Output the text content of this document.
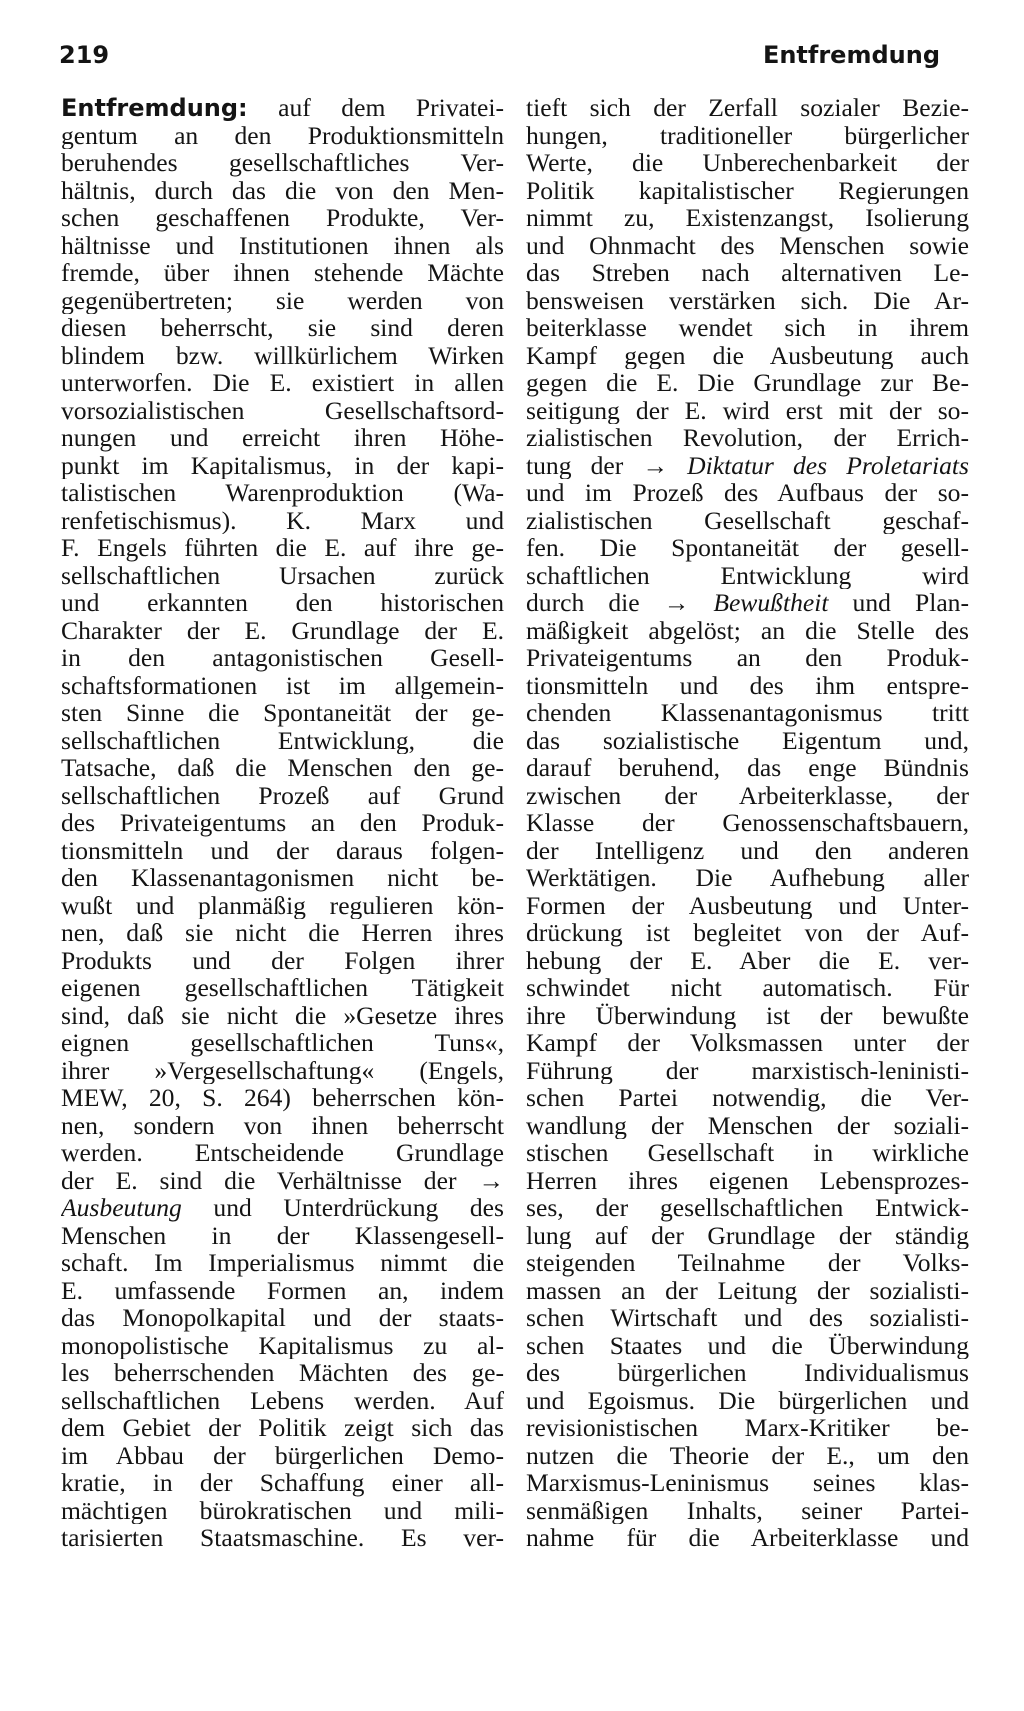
219	Entfremdung
Entfremdung: auf dem Privatei-
gentum an den Produktionsmitteln
beruhendes gesellschaftliches Ver-
hältnis, durch das die von den Men-
schen geschaffenen Produkte, Ver-
hältnisse und Institutionen ihnen als
fremde, über ihnen stehende Mächte
gegenübertreten; sie werden von
diesen beherrscht, sie sind deren
blindem bzw. willkürlichem Wirken
unterworfen. Die E. existiert in allen
vorsozialistischen Gesellschaftsord-
nungen und erreicht ihren Höhe-
punkt im Kapitalismus, in der kapi-
talistischen Warenproduktion (Wa-
renfetischismus). K. Marx und
F. Engels führten die E. auf ihre ge-
sellschaftlichen Ursachen zurück
und erkannten den historischen
Charakter der E. Grundlage der E.
in den antagonistischen Gesell-
schaftsformationen ist im allgemein-
sten Sinne die Spontaneität der ge-
sellschaftlichen Entwicklung, die
Tatsache, daß die Menschen den ge-
sellschaftlichen Prozeß auf Grund
des Privateigentums an den Produk-
tionsmitteln und der daraus folgen-
den Klassenantagonismen nicht be-
wußt und planmäßig regulieren kön-
nen, daß sie nicht die Herren ihres
Produkts und der Folgen ihrer
eigenen gesellschaftlichen Tätigkeit
sind, daß sie nicht die »Gesetze ihres
eignen gesellschaftlichen Tuns«,
ihrer »Vergesellschaftung« (Engels,
MEW, 20, S. 264) beherrschen kön-
nen, sondern von ihnen beherrscht
werden. Entscheidende Grundlage
der E. sind die Verhältnisse der →
Ausbeutung und Unterdrückung des
Menschen in der Klassengesell-
schaft. Im Imperialismus nimmt die
E. umfassende Formen an, indem
das Monopolkapital und der staats-
monopolistische Kapitalismus zu al-
les beherrschenden Mächten des ge-
sellschaftlichen Lebens werden. Auf
dem Gebiet der Politik zeigt sich das
im Abbau der bürgerlichen Demo-
kratie, in der Schaffung einer all-
mächtigen bürokratischen und mili-
tarisierten Staatsmaschine. Es ver-
tieft sich der Zerfall sozialer Bezie-
hungen, traditioneller bürgerlicher
Werte, die Unberechenbarkeit der
Politik kapitalistischer Regierungen
nimmt zu, Existenzangst, Isolierung
und Ohnmacht des Menschen sowie
das Streben nach alternativen Le-
bensweisen verstärken sich. Die Ar-
beiterklasse wendet sich in ihrem
Kampf gegen die Ausbeutung auch
gegen die E. Die Grundlage zur Be-
seitigung der E. wird erst mit der so-
zialistischen Revolution, der Errich-
tung der → Diktatur des Proletariats
und im Prozeß des Aufbaus der so-
zialistischen Gesellschaft geschaf-
fen. Die Spontaneität der gesell-
schaftlichen Entwicklung wird
durch die → Bewußtheit und Plan-
mäßigkeit abgelöst; an die Stelle des
Privateigentums an den Produk-
tionsmitteln und des ihm entspre-
chenden Klassenantagonismus tritt
das sozialistische Eigentum und,
darauf beruhend, das enge Bündnis
zwischen der Arbeiterklasse, der
Klasse der Genossenschaftsbauern,
der Intelligenz und den anderen
Werktätigen. Die Aufhebung aller
Formen der Ausbeutung und Unter-
drückung ist begleitet von der Auf-
hebung der E. Aber die E. ver-
schwindet nicht automatisch. Für
ihre Überwindung ist der bewußte
Kampf der Volksmassen unter der
Führung der marxistisch-leninisti-
schen Partei notwendig, die Ver-
wandlung der Menschen der soziali-
stischen Gesellschaft in wirkliche
Herren ihres eigenen Lebensprozes-
ses, der gesellschaftlichen Entwick-
lung auf der Grundlage der ständig
steigenden Teilnahme der Volks-
massen an der Leitung der sozialisti-
schen Wirtschaft und des sozialisti-
schen Staates und die Überwindung
des bürgerlichen Individualismus
und Egoismus. Die bürgerlichen und
revisionistischen Marx-Kritiker be-
nutzen die Theorie der E., um den
Marxismus-Leninismus seines klas-
senmäßigen Inhalts, seiner Partei-
nahme für die Arbeiterklasse und
